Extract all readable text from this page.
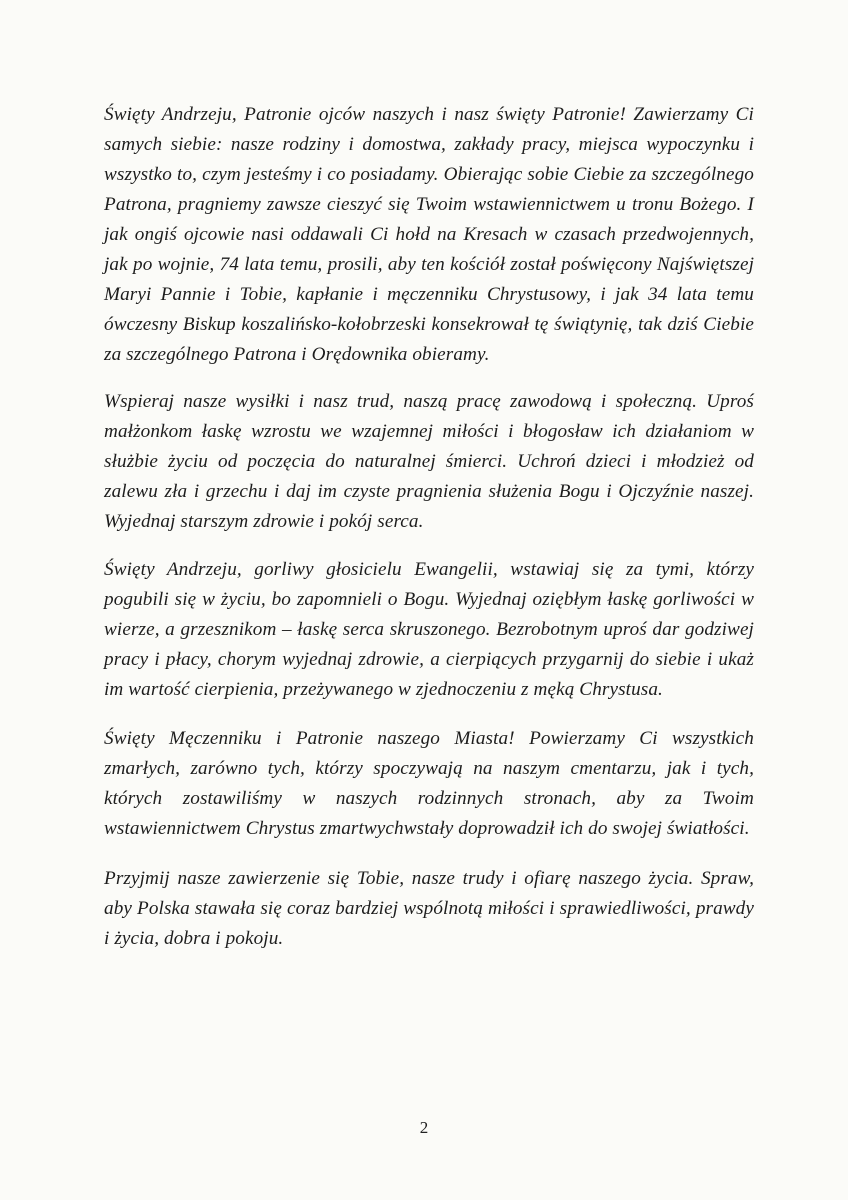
Święty Andrzeju, Patronie ojców naszych i nasz święty Patronie! Zawierzamy Ci samych siebie: nasze rodziny i domostwa, zakłady pracy, miejsca wypoczynku i wszystko to, czym jesteśmy i co posiadamy. Obierając sobie Ciebie za szczególnego Patrona, pragniemy zawsze cieszyć się Twoim wstawiennictwem u tronu Bożego. I jak ongiś ojcowie nasi oddawali Ci hołd na Kresach w czasach przedwojennych, jak po wojnie, 74 lata temu, prosili, aby ten kościół został poświęcony Najświętszej Maryi Pannie i Tobie, kapłanie i męczenniku Chrystusowy, i jak 34 lata temu ówczesny Biskup koszalińsko-kołobrzeski konsekrował tę świątynię, tak dziś Ciebie za szczególnego Patrona i Orędownika obieramy.

Wspieraj nasze wysiłki i nasz trud, naszą pracę zawodową i społeczną. Uproś małżonkom łaskę wzrostu we wzajemnej miłości i błogosław ich działaniom w służbie życiu od poczęcia do naturalnej śmierci. Uchroń dzieci i młodzież od zalewu zła i grzechu i daj im czyste pragnienia służenia Bogu i Ojczyźnie naszej. Wyjednaj starszym zdrowie i pokój serca.

Święty Andrzeju, gorliwy głosicielu Ewangelii, wstawiaj się za tymi, którzy pogubili się w życiu, bo zapomnieli o Bogu. Wyjednaj oziębłym łaskę gorliwości w wierze, a grzesznikom – łaskę serca skruszonego. Bezrobotnym uproś dar godziwej pracy i płacy, chorym wyjednaj zdrowie, a cierpiących przygarnij do siebie i ukaż im wartość cierpienia, przeżywanego w zjednoczeniu z męką Chrystusa.

Święty Męczenniku i Patronie naszego Miasta! Powierzamy Ci wszystkich zmarłych, zarówno tych, którzy spoczywają na naszym cmentarzu, jak i tych, których zostawiliśmy w naszych rodzinnych stronach, aby za Twoim wstawiennictwem Chrystus zmartwychwstały doprowadził ich do swojej światłości.

Przyjmij nasze zawierzenie się Tobie, nasze trudy i ofiarę naszego życia. Spraw, aby Polska stawała się coraz bardziej wspólnotą miłości i sprawiedliwości, prawdy i życia, dobra i pokoju.

2
